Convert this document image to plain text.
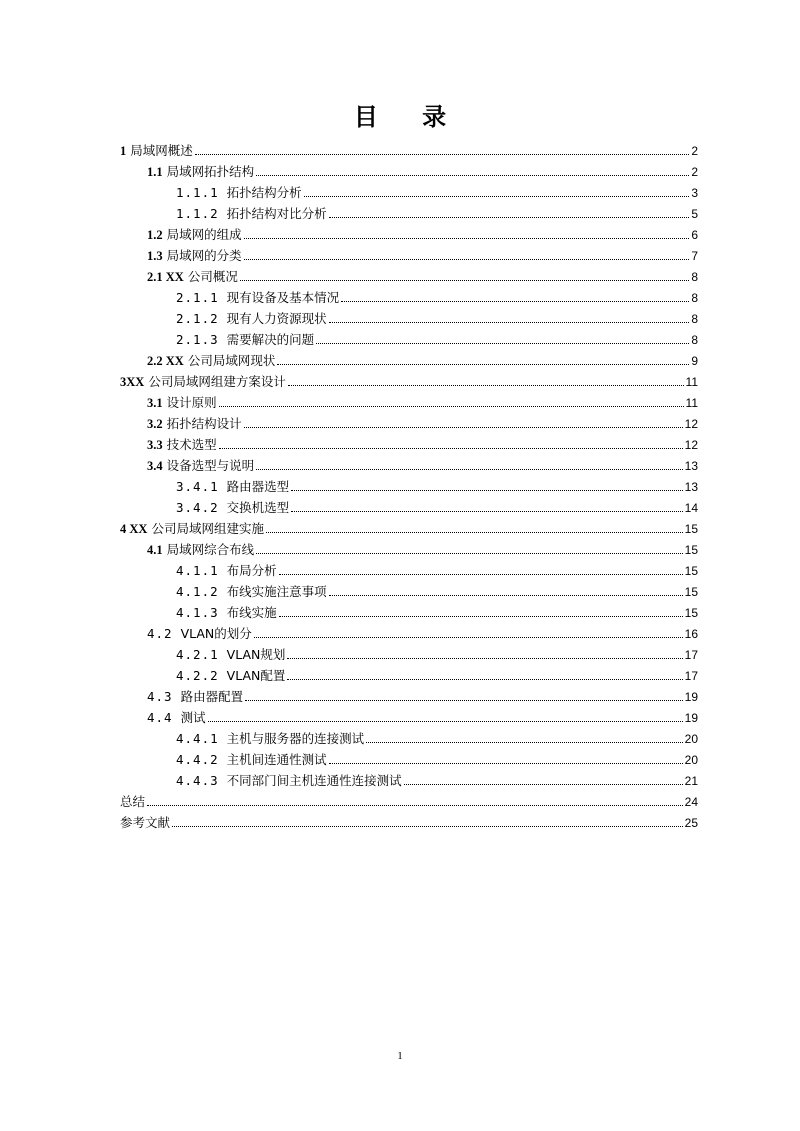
目 录
1 局域网概述	2
1.1 局域网拓扑结构	2
1.1.1 拓扑结构分析	3
1.1.2 拓扑结构对比分析	5
1.2 局域网的组成	6
1.3 局域网的分类	7
2.1 XX 公司概况	8
2.1.1 现有设备及基本情况	8
2.1.2 现有人力资源现状	8
2.1.3 需要解决的问题	8
2.2 XX 公司局域网现状	9
3XX 公司局域网组建方案设计	11
3.1 设计原则	11
3.2 拓扑结构设计	12
3.3 技术选型	12
3.4 设备选型与说明	13
3.4.1 路由器选型	13
3.4.2 交换机选型	14
4 XX 公司局域网组建实施	15
4.1 局域网综合布线	15
4.1.1 布局分析	15
4.1.2 布线实施注意事项	15
4.1.3 布线实施	15
4.2 VLAN的划分	16
4.2.1 VLAN规划	17
4.2.2 VLAN配置	17
4.3 路由器配置	19
4.4 测试	19
4.4.1 主机与服务器的连接测试	20
4.4.2 主机间连通性测试	20
4.4.3 不同部门间主机连通性连接测试	21
总结	24
参考文献	25
1
